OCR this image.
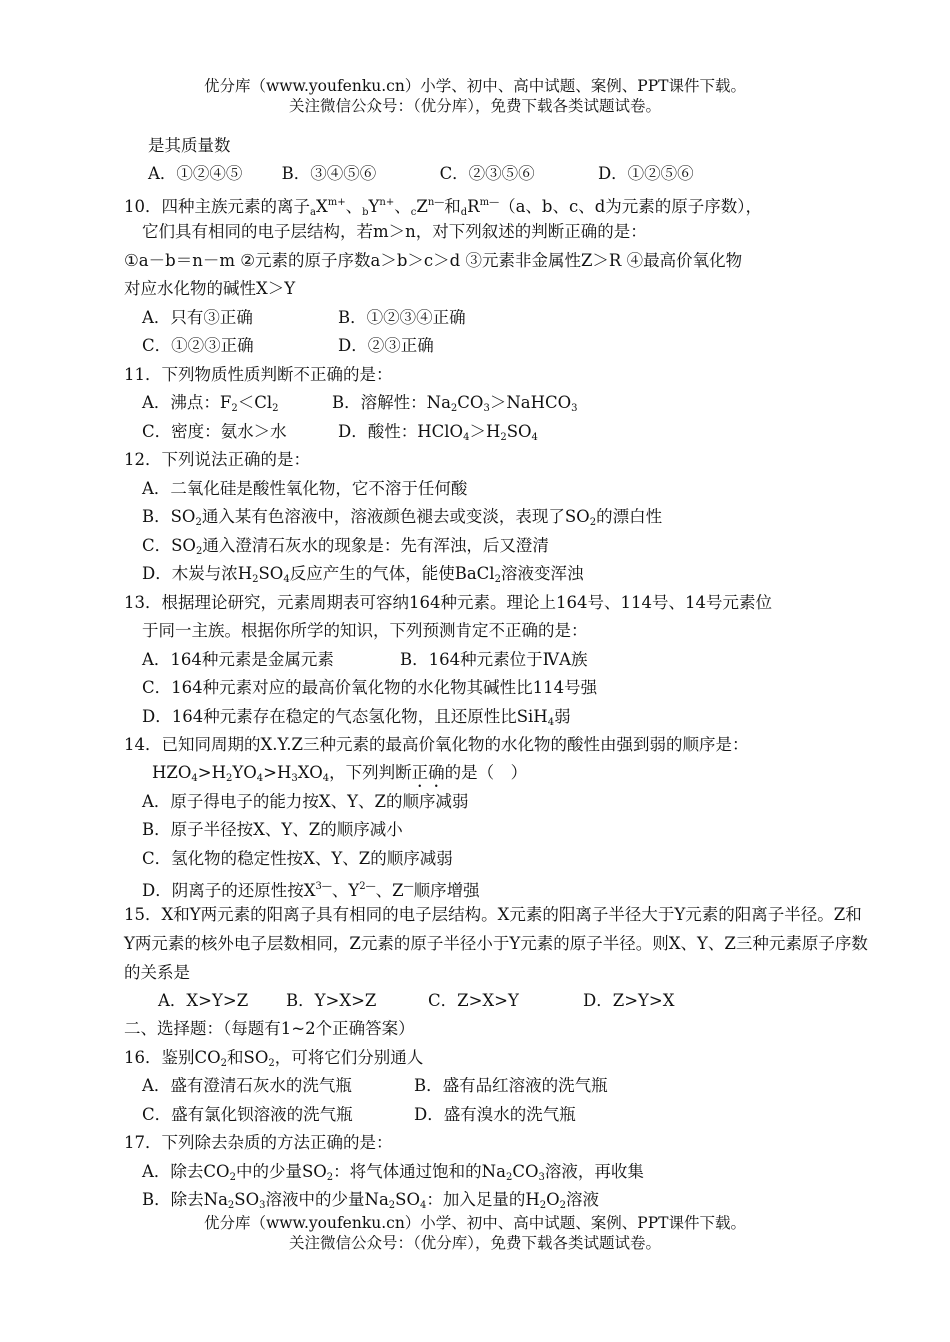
优分库（www.youfenku.cn）小学、初中、高中试题、案例、PPT课件下载。
关注微信公众号：（优分库），免费下载各类试题试卷。
是其质量数
A．①②④⑤ B．③④⑤⑥	C．②③⑤⑥	D．①②⑤⑥
10．四种主族元素的离子$aX^{m+}$、$bY^{n+}$、$cZ^{n—}$和$dR^{m—}(a$、b、c、d为元素的原子序数），
它们具有相同的电子层结构，若m＞n，对下列叙述的判断正确的是：
①a－b＝n－m ②元素的原子序数a＞b＞c＞d ③元素非金属性Z＞R ④最高价氧化物
对应水化物的碱性X＞Y
A．只有③正确	B．①②③④正确
C．①②③正确	D．②③正确
11．下列物质性质判断不正确的是：
A．沸点：$F_2<Cl_2$	B．溶解性：$Na_2CO_3>NaHCO_3$
C．密度：氨水＞水	D．酸性：$HClO_4>H_2SO_4$
12．下列说法正确的是：
A．二氧化硅是酸性氧化物，它不溶于任何酸
B．$SO_2$通入某有色溶液中，溶液颜色褪去或变淡，表现了$SO_2$的漂白性
C．$SO_2$通入澄清石灰水的现象是：先有浑浊，后又澄清
D．木炭与浓$H_2SO_4$反应产生的气体，能使BaCl$_2$溶液变浑浊
13．根据理论研究，元素周期表可容纳164种元素。理论上164号、114号、14号元素位
于同一主族。根据你所学的知识，下列预测肯定不正确的是：
A．164种元素是金属元素	B．164种元素位于ⅣA族
C．164种元素对应的最高价氧化物的水化物其碱性比114号强
D．164种元素存在稳定的气态氢化物，且还原性比SiH$_4$弱
14．已知同周期的X.Y.Z三种元素的最高价氧化物的水化物的酸性由强到弱的顺序是：
$HZO_4>H_2YO_4>H_3XO_4$，下列判断正确的是（　）
A．原子得电子的能力按X、Y、Z的顺序减弱
B．原子半径按X、Y、Z的顺序减小
C．氢化物的稳定性按X、Y、Z的顺序减弱
D．阴离子的还原性按$X^{3—}$、$Y^{2—}$、Z—顺序增强
15．X和Y两元素的阳离子具有相同的电子层结构。X元素的阳离子半径大于Y元素的阳离子半径。Z和Y两元素的核外电子层数相同，Z元素的原子半径小于Y元素的原子半径。则X、Y、Z三种元素原子序数的关系是
A．X>Y>Z B．Y>X>Z	C．Z>X>Y	D．Z>Y>X
二、选择题：（每题有1~2个正确答案）
16．鉴别$CO_2$和$SO_2$，可将它们分别通人
A．盛有澄清石灰水的洗气瓶	B．盛有品红溶液的洗气瓶
C．盛有氯化钡溶液的洗气瓶	D．盛有溴水的洗气瓶
17．下列除去杂质的方法正确的是：
A．除去$CO_2$中的少量$SO_2$：将气体通过饱和的$Na_2CO_3$溶液，再收集
B．除去$Na_2SO_3$溶液中的少量$Na_2SO_4$：加入足量的$H_2O_2$溶液
优分库（www.youfenku.cn）小学、初中、高中试题、案例、PPT课件下载。
关注微信公众号：（优分库），免费下载各类试题试卷。
